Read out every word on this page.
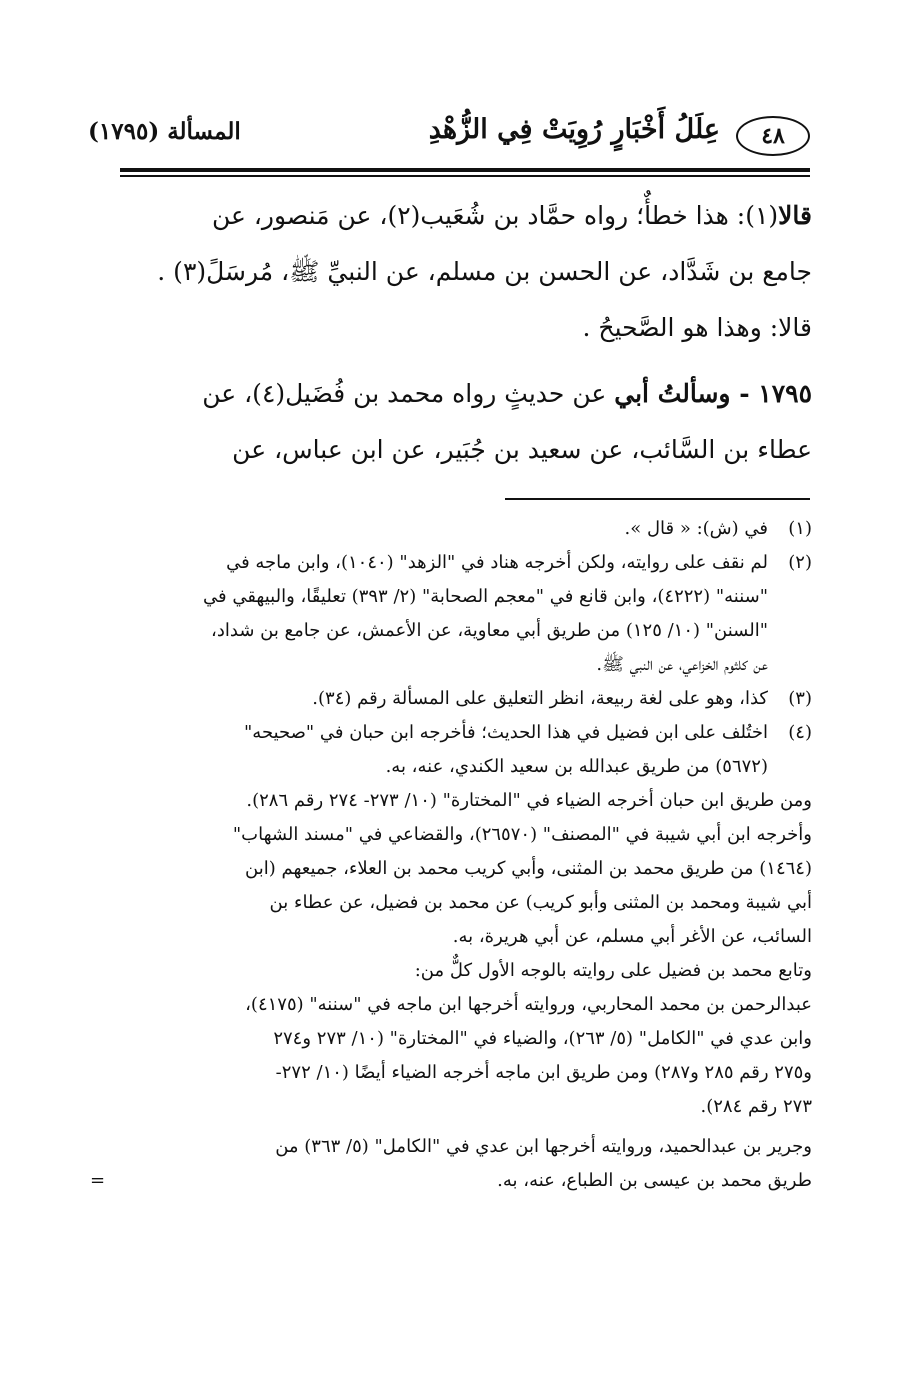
٤٨
عِلَلُ أَخْبَارٍ رُوِيَتْ فِي الزُّهْدِ
المسألة (١٧٩٥)

قالا(١): هذا خطأٌ؛ رواه حمَّاد بن شُعَيب(٢)، عن مَنصور، عن

جامع بن شَدَّاد، عن الحسن بن مسلم، عن النبيِّ ﷺ، مُرسَلً(٣) .

قالا: وهذا هو الصَّحيحُ .

١٧٩٥ - وسألتُ أبي عن حديثٍ رواه محمد بن فُضَيل(٤)، عن

عطاء بن السَّائب، عن سعيد بن جُبَير، عن ابن عباس، عن

(١)
في (ش): « قال ».
(٢)
لم نقف على روايته، ولكن أخرجه هناد في "الزهد" (١٠٤٠)، وابن ماجه في
"سننه" (٤٢٢٢)، وابن قانع في "معجم الصحابة" (٢/ ٣٩٣) تعليقًا، والبيهقي في
"السنن" (١٠/ ١٢٥) من طريق أبي معاوية، عن الأعمش، عن جامع بن شداد،
عن كلثوم الخزاعي، عن النبي ﷺ.
(٣)
كذا، وهو على لغة ربيعة، انظر التعليق على المسألة رقم (٣٤).
(٤)
اختُلف على ابن فضيل في هذا الحديث؛ فأخرجه ابن حبان في "صحيحه"
(٥٦٧٢) من طريق عبدالله بن سعيد الكندي، عنه، به.
ومن طريق ابن حبان أخرجه الضياء في "المختارة" (١٠/ ٢٧٣- ٢٧٤ رقم ٢٨٦).
وأخرجه ابن أبي شيبة في "المصنف" (٢٦٥٧٠)، والقضاعي في "مسند الشهاب"
(١٤٦٤) من طريق محمد بن المثنى، وأبي كريب محمد بن العلاء، جميعهم (ابن
أبي شيبة ومحمد بن المثنى وأبو كريب) عن محمد بن فضيل، عن عطاء بن
السائب، عن الأغر أبي مسلم، عن أبي هريرة، به.
وتابع محمد بن فضيل على روايته بالوجه الأول كلٌّ من:
عبدالرحمن بن محمد المحاربي، وروايته أخرجها ابن ماجه في "سننه" (٤١٧٥)،
وابن عدي في "الكامل" (٥/ ٢٦٣)، والضياء في "المختارة" (١٠/ ٢٧٣ و٢٧٤
و٢٧٥ رقم ٢٨٥ و٢٨٧) ومن طريق ابن ماجه أخرجه الضياء أيضًا (١٠/ ٢٧٢-
٢٧٣ رقم ٢٨٤).
وجرير بن عبدالحميد، وروايته أخرجها ابن عدي في "الكامل" (٥/ ٣٦٣) من
طريق محمد بن عيسى بن الطباع، عنه، به.
=
